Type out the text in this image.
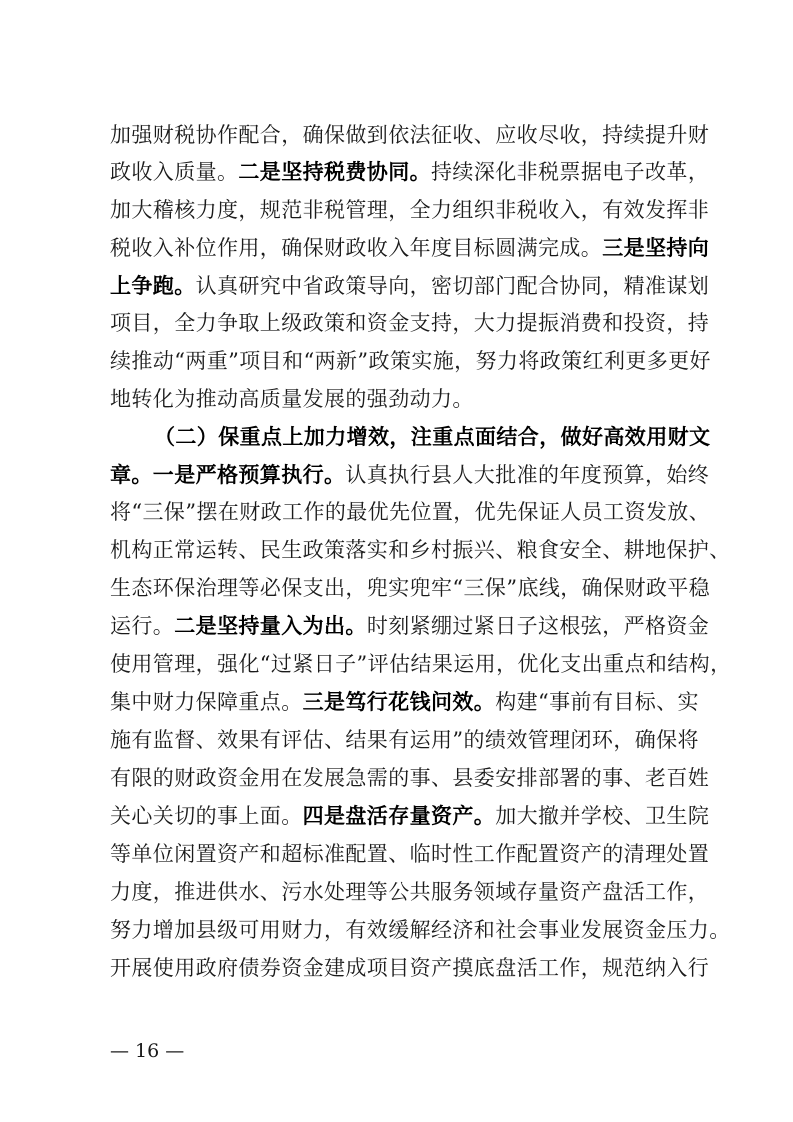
加强财税协作配合，确保做到依法征收、应收尽收，持续提升财
政收入质量。二是坚持税费协同。持续深化非税票据电子改革，
加大稽核力度，规范非税管理，全力组织非税收入，有效发挥非
税收入补位作用，确保财政收入年度目标圆满完成。三是坚持向
上争跑。认真研究中省政策导向，密切部门配合协同，精准谋划
项目，全力争取上级政策和资金支持，大力提振消费和投资，持
续推动“两重”项目和“两新”政策实施，努力将政策红利更多更好
地转化为推动高质量发展的强劲动力。
（二）保重点上加力增效，注重点面结合，做好高效用财文
章。一是严格预算执行。认真执行县人大批准的年度预算，始终
将“三保”摆在财政工作的最优先位置，优先保证人员工资发放、
机构正常运转、民生政策落实和乡村振兴、粮食安全、耕地保护、
生态环保治理等必保支出，兜实兜牢“三保”底线，确保财政平稳
运行。二是坚持量入为出。时刻紧绷过紧日子这根弦，严格资金
使用管理，强化“过紧日子”评估结果运用，优化支出重点和结构，
集中财力保障重点。三是笃行花钱问效。构建“事前有目标、实
施有监督、效果有评估、结果有运用”的绩效管理闭环，确保将
有限的财政资金用在发展急需的事、县委安排部署的事、老百姓
关心关切的事上面。四是盘活存量资产。加大撤并学校、卫生院
等单位闲置资产和超标准配置、临时性工作配置资产的清理处置
力度，推进供水、污水处理等公共服务领域存量资产盘活工作，
努力增加县级可用财力，有效缓解经济和社会事业发展资金压力。
开展使用政府债券资金建成项目资产摸底盘活工作，规范纳入行
— 16 —
